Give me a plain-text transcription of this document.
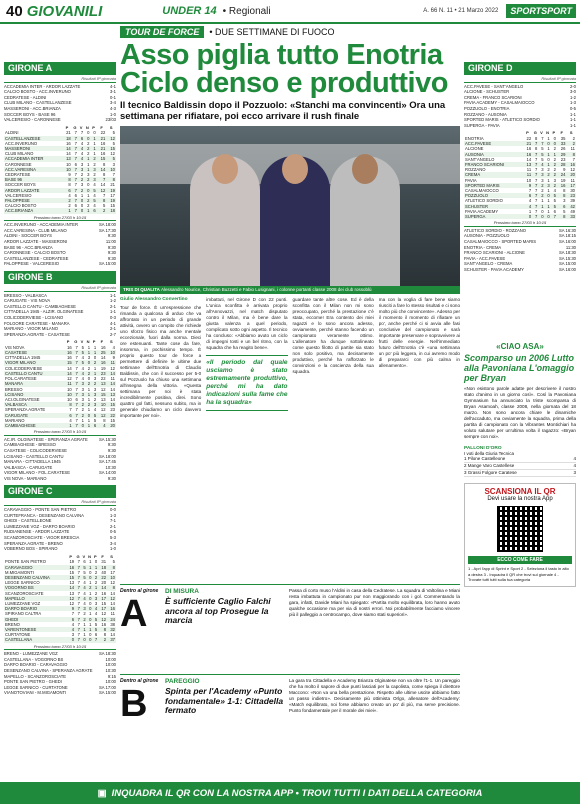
40 GIOVANILI	UNDER 14 • Regionali	A. 66 N. 11 • 21 Marzo 2022	SPORTSPORT
GIRONE A
Risultati 8ª giornata
ACCADEMIA INTER - ARDOR LAZZATE	4-1
CALCIO BOSTO - ACC.INVERUNO	3-1
CEDRATESE - ALDINI	0-1
CLUB MILANO - CASTELLANZESE	3-4
MASSERONI - ACC.BRIANZA	4-3
SOCCER BOYS - BASE 96	1-0
VALCERESIO - CARONNESE	23/03
	P	G	V	N	P	F	S
ALDINI	21	7	7	0	0	22	5
CASTELLANZESE	18	7	6	0	1	21	12
ACC.INVERUNO	16	7	4	2	1	16	5
MASSERONI	14	7	4	2	1	21	15
CLUB MILANO	14	7	4	2	1	16	12
ACCADEMIA INTER	13	7	4	1	2	15	5
CARONNESE	10	6	3	1	2	8	3
ACC.VARESINA	10	7	3	1	3	14	10
CEDRATESE	9	7	2	3	2	8	7
BASE 96	8	7	2	2	3	7	8
SOCCER BOYS	8	7	3	0	4	14	21
ARDOR LAZZATE	6	7	2	0	5	12	19
VALCERESIO	4	6	1	1	4	7	17
PALOPPESE	2	7	0	2	5	8	19
CALCIO BOSTO	2	6	0	2	4	5	15
ACC.BRIANZA	1	7	0	1	6	2	18
Prossimo turno 27/03 h 10:15
ACC.INVERUNO - ACCADEMIA INTER	SA 18:00
ACC.VARESINA - CLUB MILANO	SA 17:30
ALDINI - SOCCER BOYS	9:30
ARDOR LAZZATE - MASSERONI	11:00
BASE 96 - ACC.BRIANZA	9:30
CARONNESE - CALCIO BOSTO	9:30
CASTELLANZESE - CEDRATESE	9:30
PALOPPESE - VALCERESIO	SA 15:00
GIRONE B
Risultati 8ª giornata
BRESSO - VALBASCA	1-1
CARUGATE - VIS NOVA	1-2
CASTELLO CANTU - CAMBIAGHESE	2-1
CITTADELLA 1945 - ALZIR. OLGINATESE	1-1
COLICODERVIESE - LCISANO	0-3
FOLGORE CARATESE - MANARA	4-1
MARIANO - VIGOR MILANO	2-1
SPERANZA AGRATE - CASATESE	2-7
	P	G	V	N	P	F	S
VIS NOVA	16	7	5	1	1	16	4
CASATESE	16	7	5	1	1	25	10
CITTADELLA 1945	16	7	4	3	0	14	9
VIGOR MILANO	15	7	5	0	2	16	11
COLICODERVIESE	14	7	4	2	1	19	12
CASTELLO CANTU	14	7	4	2	1	23	14
FOL.CARATESE	12	7	4	0	3	22	11
MANARA	11	7	3	2	2	13	14
BRESSO	10	7	3	1	3	12	14
LCISANO	10	7	3	1	3	15	13
ACI.OLGINATESE	10	6	3	1	2	13	14
VALBASCA	8	7	2	2	3	10	15
SPERANZA AGRATE	7	7	2	1	4	12	23
CARUGATE	6	7	2	0	5	12	22
MARIANO	4	7	1	1	5	8	15
CAMBIAGHESE	1	7	0	1	6	4	20
Prossimo turno 27/03 h 10:15
AC.IR. OLGINATESE - SPERANZA AGRATE	SA 15:30
CAMBIAGHESE - BRESSO	9:30
CASATESE - COLICODERVIESE	9:30
LCISANO - CASTELLO CANTU	SA 18:00
MANARA - CITTADELLA 1945	SA 17:45
VALBASCA - CARUGATE	10:30
VIGOR MILANO - FOL.CARATESE	SA 14:00
VIS NOVA - MARIANO	9:30
GIRONE C
Risultati 8ª giornata
CARAVAGGIO - PONTE SAN PIETRO	0-0
CURTEFRANCA - DESENZANO CALVINA	1-3
GHEDI - CASTELLEONE	7-1
LUMEZZANE VGZ - DARFO BOARIO	2-1
RUDIANENSE - ARDOR LAZZATE	0-5
SCANZOROSCIATE - VIGOR BRESCIA	5-3
SPERANZA AGRATE - BRENO	3-4
VOBERNO BOS - SPIRANO	1-0
	P	G	V	N	P	F	S
PONTE SAN PIETRO	19	7	6	1	0	31	5
CARAVAGGIO	16	7	5	1	1	18	8
M.MIGAMONTI	15	7	5	0	2	40	17
DESENZANO CALVINA	15	7	5	0	2	22	10
LEGGE SARNICO	13	7	4	1	2	20	12
VOGORNO BS	14	7	4	2	1	14	8
SCANZOROSCIATE	13	7	4	1	2	16	14
MAPELLO	12	7	4	0	3	17	12
LUMEZZANE VGZ	12	7	4	0	3	15	14
DARFO BOARIO	9	7	3	0	4	17	16
SPIRANO CALTRA	7	7	2	1	4	12	11
GHEDI	6	7	2	0	5	12	24
BRENO	4	7	1	1	5	16	38
VARENTONESE	4	7	1	1	5	8	32
CURTATONE	3	7	1	0	6	8	14
CASTELLANA	0	7	0	0	7	2	37
Prossimo turno 27/03 h 10:15
BRENO - LUMEZZANE VGZ	SA 18:30
CASTELLANA - VOGORNO BS	10:00
DARFO BOARIO - CARAVAGGIO	10:00
DESENZANO CALVINA - SPERANZA AGRATE	10:30
MAPELLO - SCANZOROSCIATE	9:15
PONTE SAN PIETRO - GHEDI	10:00
LEGGE SARNICO - CURTATONE	SA 17:00
VIANOTOVIANI - M.MIGAMONTI	SA 15:00
GIRONE D
Risultati 8ª giornata
ACC.PAVESE - SANT'ANGELO	2-0
ALCIONE - SCHUSTER	3-0
CREMA - FRANCO SCARIONI	1-2
PAVIA ACADEMY - CASALMAIOCCO	1-3
POZZUOLO - ENOTRIA	0-5
ROZZANO - AUSONIA	1-1
SPORTED MARIS - ATLETICO SORDIO	1-1
SUPERGA - PAVIA	1-1
	P	G	V	N	P	F	S
ENOTRIA	22	8	7	1	0	35	2
ACC.PAVESE	21	7	7	0	0	33	2
ALCIONE	16	8	5	1	2	26	11
AUSONIA	16	7	5	1	1	29	8
SANT'ANGELO	14	7	5	0	2	23	7
FRANCO SCARIONI	13	7	4	1	2	28	16
ROZZANO	11	7	3	2	2	9	12
CREMA	11	7	3	2	2	24	20
PAVIA	10	7	3	1	3	19	11
SPORTED MARIS	9	7	2	3	2	16	17
CASALMAIOCCO	7	7	2	1	4	8	30
POZZUOLO	6	7	2	0	5	8	23
ATLETICO SORDIO	4	7	1	1	5	3	39
SCHUSTER	4	7	1	1	5	6	42
PAVIA ACADEMY	1	7	0	1	6	5	49
SUPERGA	0	7	0	0	7	8	33
Prossimo turno 27/03 h 10:15
ATLETICO SORDIO - ROZZANO	SA 16:30
AUSONIA - POZZUOLO	SA 18:15
CASALMAIOCCO - SPORTED MARIS	SA 16:00
ENOTRIA - CREMA	11:30
FRANCO SCARIONI - ALCIONE	SA 18:30
PAVIA - ACC.PAVESE	SA 15:30
SANT'ANGELO - CREMA	SA 15:00
SCHUSTER - PAVIA ACADEMY	SA 16:00
TOUR DE FORCE	• DUE SETTIMANE DI FUOCO
Asso piglia tutto Enotria Ciclo denso e produttivo
Il tecnico Baldissin dopo il Pozzuolo: «Stanchi ma convincenti» Ora una settimana per rifiatare, poi ecco arrivare il rush finale
TRIS DI QUALITA Alessandro Nourice, Christian Buzzetti e Fabio Lusignani, i colonne portanti classe 2008 dei club rossoblù
Giulio Alessandro Convertino
Tour de force. È un'espressione che rimanda a qualcosa di arduo che va affrontato in un periodo di grande attività, ovvero un compito che richiede uno sforzo fisico ma anche mentale eccezionale, fuori dalla norma. Dieci ore estenuanti. Tante cose da fare, insomma, in pochissimo tempo. È proprio questo tour de force a permettere di definire le ultime due settimane dell'Enotria di Claudio Baldissin, che con il successo per 5-0 sul Pozzuolo ha chiuso una settimana all'insegna della vittoria. «Questa settimana per noi è stata incredibilmente positiva, direi. Sono quattro gol fatti, nessuno subito, ma in generale chiudiamo un ciclo davvero importante per noi».
imbattuti, nel Girone D con 22 punti. L'unica sconfitta è arrivata proprio all'Annovazzi, nel match disputato contro il Milan, ma è bene dare la giusta valenza a quel periodo, complicato sotto ogni aspetto. Il tecnico ha concluso: «Abbiamo avuto un ciclo di impegni tosti e un bel ritmo, con la squadra che ha reagito bene».
«Il periodo dal quale usciamo è stato estremamente produttivo, perché mi ha dato indicazioni sulla fame che ha la squadra»
guardare tante altre cose. Ed è della sconfitta con il Milan non mi sono preoccupato, perché la prestazione c'è stata, eccome! Era contento dei miei ragazzi e lo sono ancora adesso, ovviamente, perché stanno facendo un campionato veramente ottimo. L'allenatore ha dunque sottolineato come questo filotto di partite sia stato non solo positivo, ma decisamente produttivo, perché ha rafforzato le convinzioni e la coscienza della sua squadra.
ma con la voglia di fare bene siamo riusciti a fare lo stesso risultati e ci sono molto più che convincente». Adesso per il momento il momento di rifiatare un po', anche perché ci si avvia alle fasi conclusive del campionato e sarà importante preservare e sopravvivere ai frutti delle energie. Nell'immediato futuro dell'Enotria c'è «una settimana un po' più leggera, in cui avremo modo di prepararci con più calma in allenamento».
«CIAO ASA»
Scomparso un 2006 Lutto alla Pavoniana L'omaggio per Bryan
«Non esistono parole adatte per descrivere il nostro stato d'animo in un giorno così». Così la Pavoniana Gymnasium ha annunciato la triste scomparsa di Bryan Asamoah, classe 2008, nella giornata del 18 marzo. Non sono ancora chiare le dinamiche dell'accaduto, ma ovviamente la squadra, prima della partita di campionato con la Vibrantes Montichiari ha voluto salutare per un'ultima volta il ragazzo: «Bryan sempre con noi».
PALLONI D'ORO
I voti della Giuria Tecnica
1 Pilone Castelleone	4
2 Mange Varo Castellese	4
3 Grassi Folgore Caratese	3
SCANSIONA IL QR
Devi usare la nostra App
ECCO COME FARE
1 - Apri l'app di Sprint e Sport 2 - Seleziona il tasto in alto a destra 3 - Inquadra il QR che trovi sul giornale 4 - Trovate tutti tutti sulla tua categoria
Dentro al girone
A
DI MISURA
È sufficiente Caglio Falchi ancora al top Prosegue la marcia
Passa di corto muso l'Aldini in casa della Cedratese. La squadra di Valtolina e Miani resta imbattuta in campionato pur non maggiorando con i gol. Commentando la gara, infatti, Davide Miani ha spiegato: «Partita molto equilibrata, loro hanno avuto qualche occasione ma per via di nostri errori. Noi probabilmente facciamo vincere più il palleggio a centrocampo, dove siamo stati superiori».
Dentro al girone
B
PAREGGIO
Spinta per l'Academy «Punto fondamentale» 1-1: Cittadella fermato
La gara tra Cittadella e Academy Brianza Olginatese non va oltre l'1-1. Un pareggio che ha molto il sapore di due punti lasciati per la capolista, come spiega il direttore Maccono: «Non va una bella prestazione. Rispetto alle ultime uscite abbiamo fatto un passo indietro». Decisamente più ottimista Orlgo, allenatore dell'Academy: «Match equilibrato, noi forse abbiamo creato un po' di più, ma serve precisione. Punto fondamentale per il morale dei miei».
▣ INQUADRA IL QR CON LA NOSTRA APP • TROVI TUTTI I DATI DELLA CATEGORIA
